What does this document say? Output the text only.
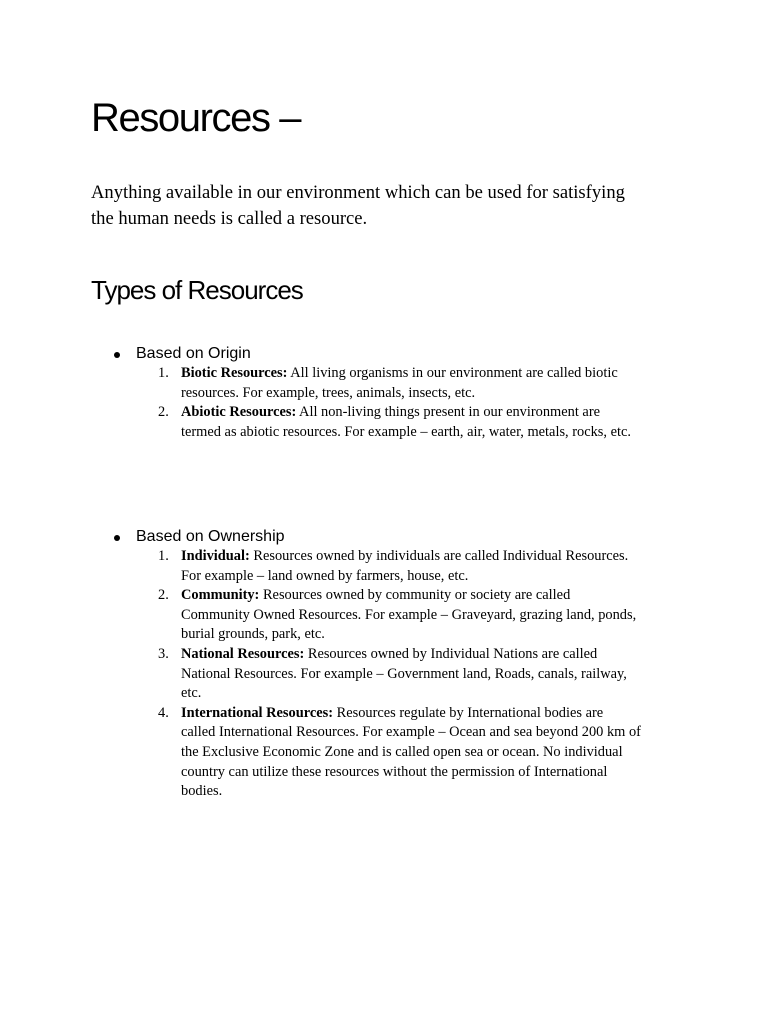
Resources –

Anything available in our environment which can be used for satisfying the human needs is called a resource.

Types of Resources
Based on Origin
1. Biotic Resources: All living organisms in our environment are called biotic resources. For example, trees, animals, insects, etc.
2. Abiotic Resources: All non-living things present in our environment are termed as abiotic resources. For example – earth, air, water, metals, rocks, etc.
Based on Ownership
1. Individual: Resources owned by individuals are called Individual Resources. For example – land owned by farmers, house, etc.
2. Community: Resources owned by community or society are called Community Owned Resources. For example – Graveyard, grazing land, ponds, burial grounds, park, etc.
3. National Resources: Resources owned by Individual Nations are called National Resources. For example – Government land, Roads, canals, railway, etc.
4. International Resources: Resources regulate by International bodies are called International Resources. For example – Ocean and sea beyond 200 km of the Exclusive Economic Zone and is called open sea or ocean. No individual country can utilize these resources without the permission of International bodies.
